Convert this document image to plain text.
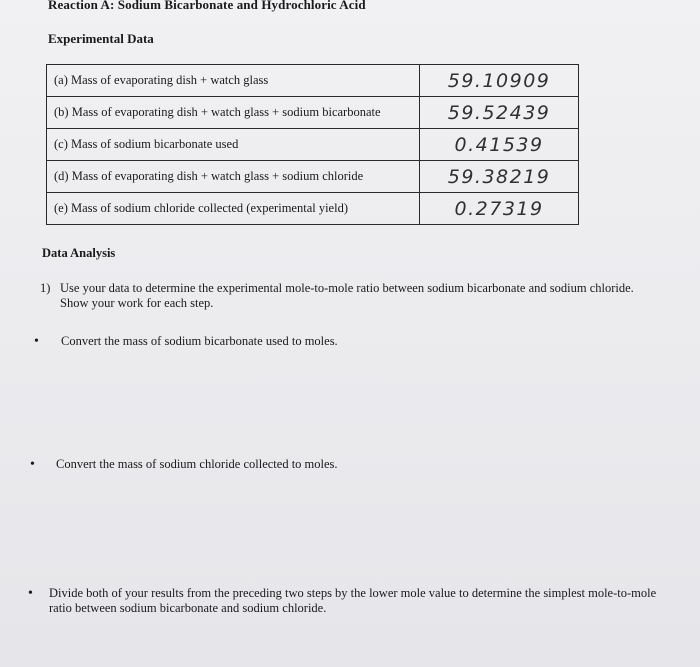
Reaction A: Sodium Bicarbonate and Hydrochloric Acid
Experimental Data
(a) Mass of evaporating dish + watch glass	59.10909
(b) Mass of evaporating dish + watch glass + sodium bicarbonate	59.52439
(c) Mass of sodium bicarbonate used	0.41539
(d) Mass of evaporating dish + watch glass + sodium chloride	59.38219
(e) Mass of sodium chloride collected (experimental yield)	0.27319
Data Analysis
1) Use your data to determine the experimental mole-to-mole ratio between sodium bicarbonate and sodium chloride. Show your work for each step.
•	Convert the mass of sodium bicarbonate used to moles.
•	Convert the mass of sodium chloride collected to moles.
•	Divide both of your results from the preceding two steps by the lower mole value to determine the simplest mole-to-mole ratio between sodium bicarbonate and sodium chloride.
